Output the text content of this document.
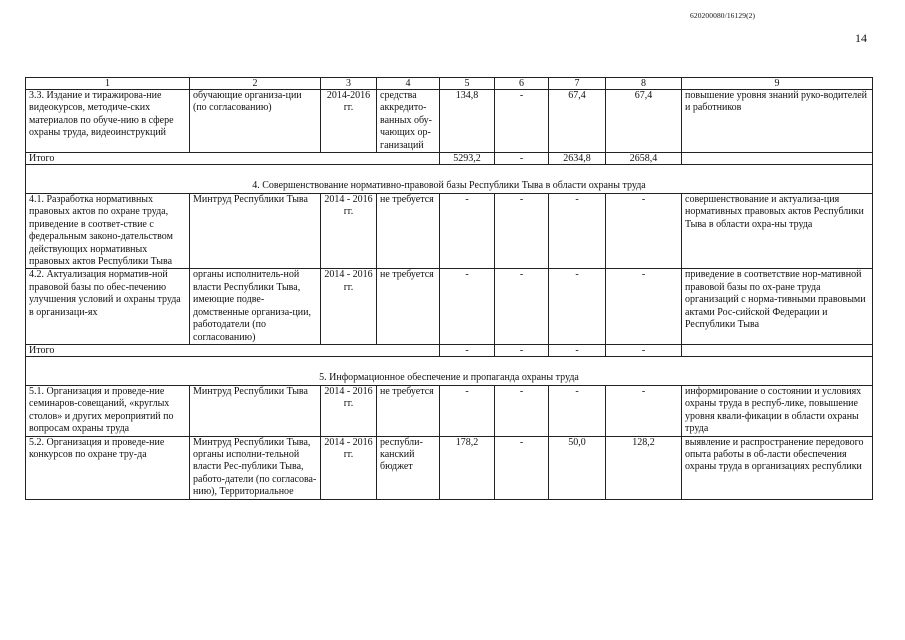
620200080/16129(2)
14
1	2	3	4	5	6	7	8	9
3.3. Издание и тиражирова-ние видеокурсов, методиче-ских материалов по обуче-нию в сфере охраны труда, видеоинструкций	обучающие организа-ции (по согласованию)	2014-2016 гг.	средства аккредито-ванных обу-чающих ор-ганизаций	134,8	-	67,4	67,4	повышение уровня знаний руко-водителей и работников
Итого				5293,2	-	2634,8	2658,4	
4. Совершенствование нормативно-правовой базы Республики Тыва в области охраны труда								
4.1. Разработка нормативных правовых актов по охране труда, приведение в соответ-ствие с федеральным законо-дательством действующих нормативных правовых актов Республики Тыва	Минтруд Республики Тыва	2014 - 2016 гг.	не требуется	-	-	-	-	совершенствование и актуализа-ция нормативных правовых актов Республики Тыва в области охра-ны труда
4.2. Актуализация норматив-ной правовой базы по обес-печению улучшения условий и охраны труда в организаци-ях	органы исполнитель-ной власти Республики Тыва, имеющие подве-домственные организа-ции, работодатели (по согласованию)	2014 - 2016 гг.	не требуется	-	-	-	-	приведение в соответствие нор-мативной правовой базы по ох-ране труда организаций с норма-тивными правовыми актами Рос-сийской Федерации и Республики Тыва
Итого				-	-	-	-	
5. Информационное обеспечение и пропаганда охраны труда								
5.1. Организация и проведе-ние семинаров-совещаний, «круглых столов» и других мероприятий по вопросам охраны труда	Минтруд Республики Тыва	2014 - 2016 гг.	не требуется	-	-	-	-	информирование о состоянии и условиях охраны труда в респуб-лике, повышение уровня квали-фикации в области охраны труда
5.2. Организация и проведе-ние конкурсов по охране тру-да	Минтруд Республики Тыва, органы исполни-тельной власти Рес-публики Тыва, работо-датели (по согласова-нию), Территориальное	2014 - 2016 гг.	республи-канский бюджет	178,2	-	50,0	128,2	выявление и распространение передового опыта работы в об-ласти обеспечения охраны труда в организациях республики
